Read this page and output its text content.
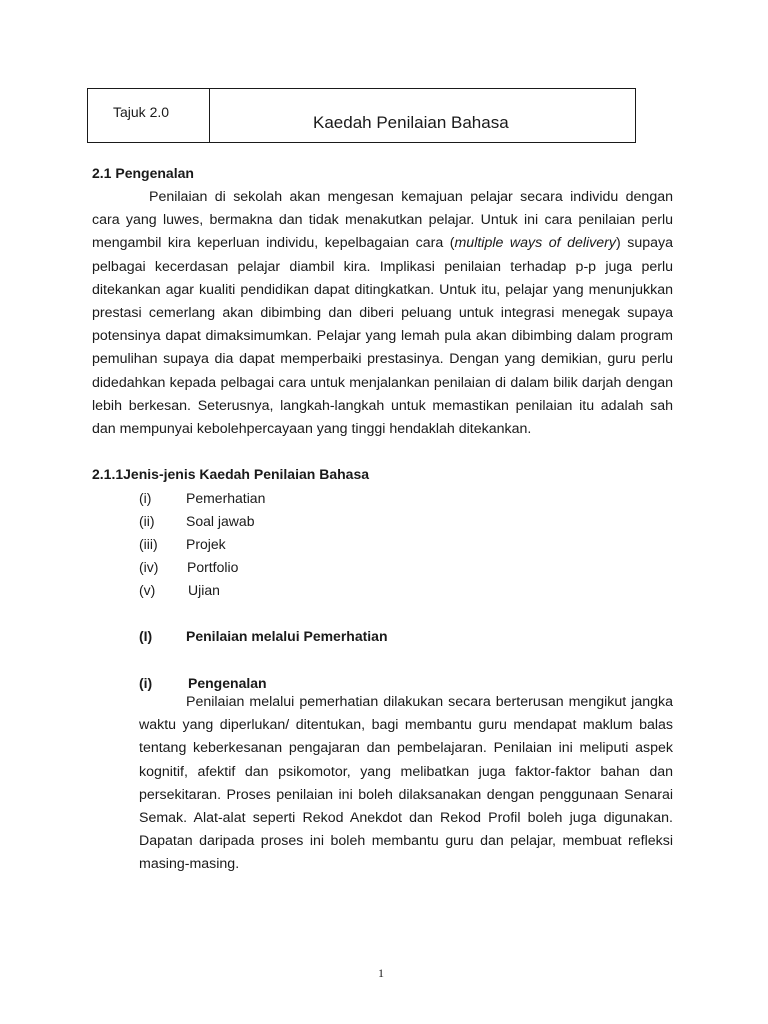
Tajuk 2.0
Kaedah Penilaian Bahasa
2.1 Pengenalan

Penilaian di sekolah akan mengesan kemajuan pelajar secara individu dengan cara yang luwes, bermakna dan tidak menakutkan pelajar. Untuk ini cara penilaian perlu mengambil kira keperluan individu, kepelbagaian cara (multiple ways of delivery) supaya pelbagai kecerdasan pelajar diambil kira. Implikasi penilaian terhadap p-p juga perlu ditekankan agar kualiti pendidikan dapat ditingkatkan. Untuk itu, pelajar yang menunjukkan prestasi cemerlang akan dibimbing dan diberi peluang untuk integrasi menegak supaya potensinya dapat dimaksimumkan. Pelajar yang lemah pula akan dibimbing dalam program pemulihan supaya dia dapat memperbaiki prestasinya. Dengan yang demikian, guru perlu didedahkan kepada pelbagai cara untuk menjalankan penilaian di dalam bilik darjah dengan lebih berkesan. Seterusnya, langkah-langkah untuk memastikan penilaian itu adalah sah dan mempunyai kebolehpercayaan yang tinggi hendaklah ditekankan.

2.1.1Jenis-jenis Kaedah Penilaian Bahasa
(i) Pemerhatian
(ii) Soal jawab
(iii) Projek
(iv) Portfolio
(v) Ujian
(I) Penilaian melalui Pemerhatian
(i)	Pengenalan

Penilaian melalui pemerhatian dilakukan secara berterusan mengikut jangka waktu yang diperlukan/ ditentukan, bagi membantu guru mendapat maklum balas tentang keberkesanan pengajaran dan pembelajaran. Penilaian ini meliputi aspek kognitif, afektif dan psikomotor, yang melibatkan juga faktor-faktor bahan dan persekitaran. Proses penilaian ini boleh dilaksanakan dengan penggunaan Senarai Semak. Alat-alat seperti Rekod Anekdot dan Rekod Profil boleh juga digunakan. Dapatan daripada proses ini boleh membantu guru dan pelajar, membuat refleksi masing-masing.

1
